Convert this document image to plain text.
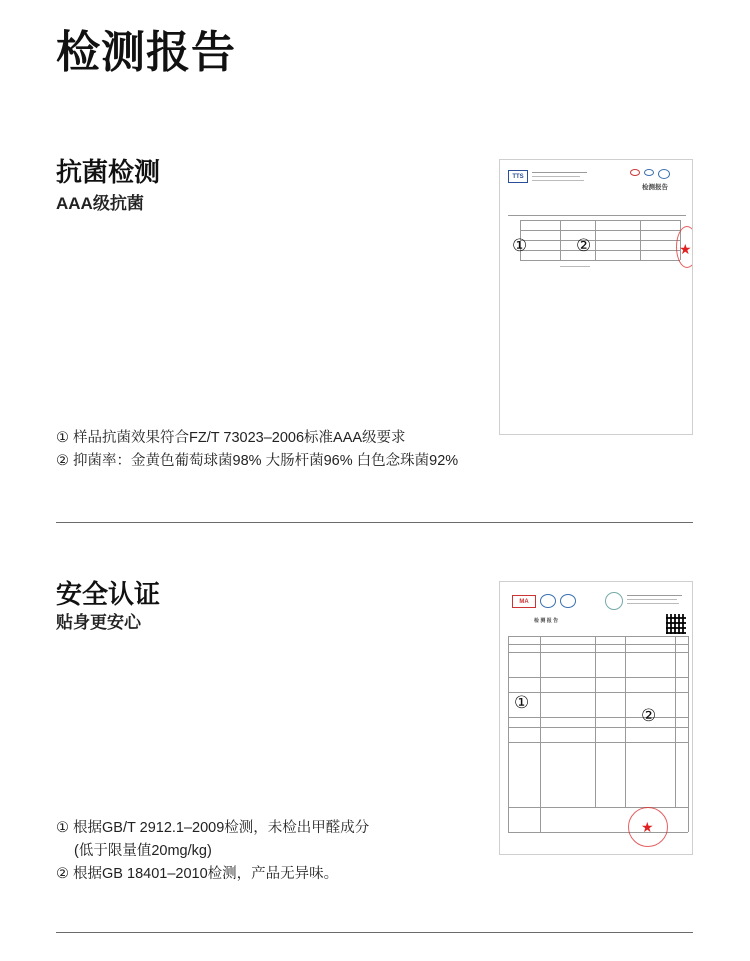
检测报告
抗菌检测
AAA级抗菌
TTS
检测报告
①	②	★
① 样品抗菌效果符合FZ/T 73023–2006标准AAA级要求
② 抑菌率：金黄色葡萄球菌98% 大肠杆菌96% 白色念珠菌92%
安全认证
贴身更安心
MA
检 测 报 告
①
②
★
① 根据GB/T 2912.1–2009检测，未检出甲醛成分
(低于限量值20mg/kg)
② 根据GB 18401–2010检测，产品无异味。
